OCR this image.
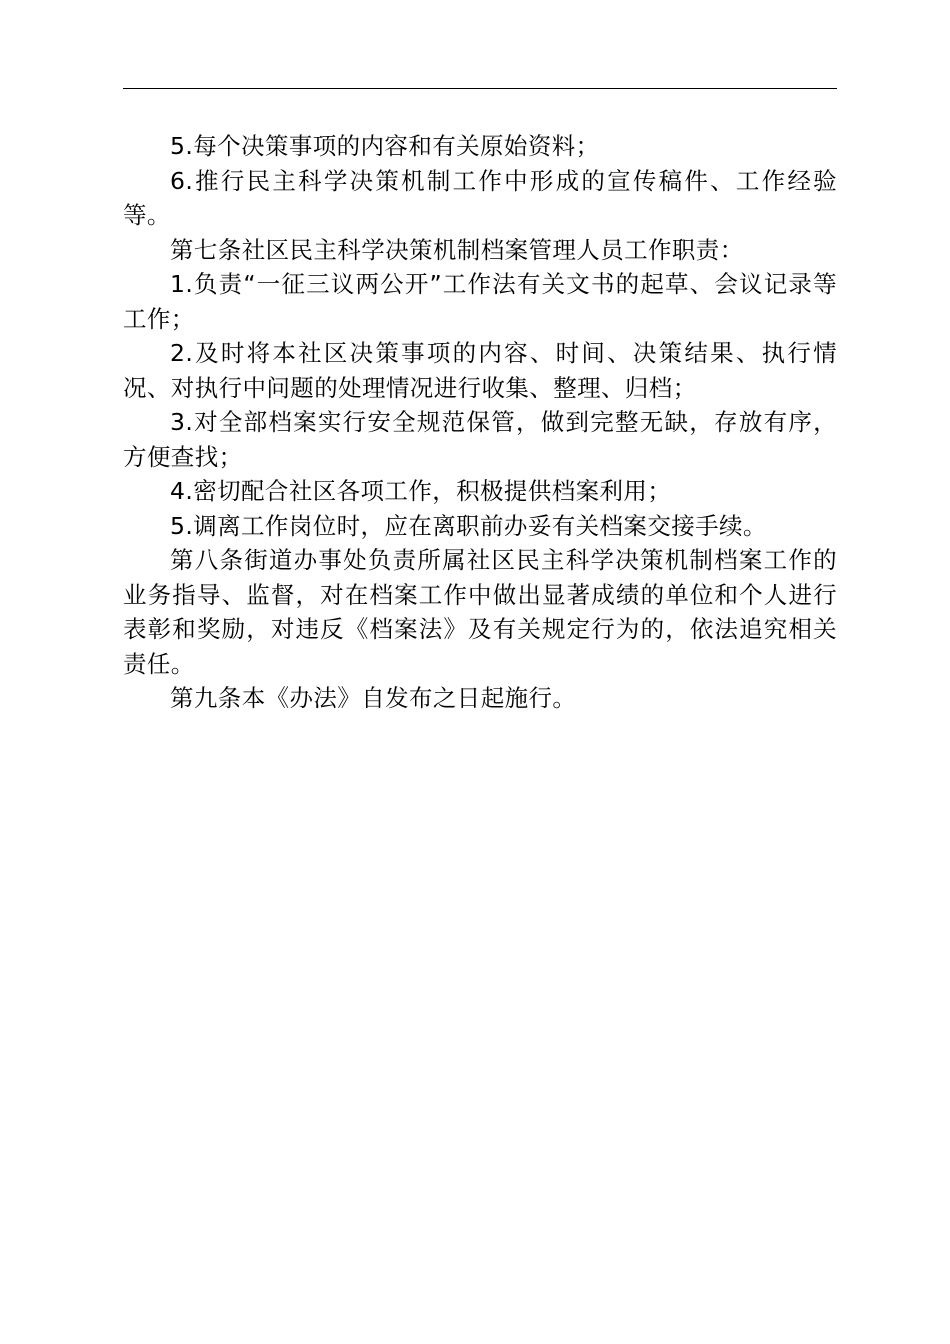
5.每个决策事项的内容和有关原始资料；

6.推行民主科学决策机制工作中形成的宣传稿件、工作经验等。

第七条社区民主科学决策机制档案管理人员工作职责：

1.负责“一征三议两公开”工作法有关文书的起草、会议记录等工作；

2.及时将本社区决策事项的内容、时间、决策结果、执行情况、对执行中问题的处理情况进行收集、整理、归档；

3.对全部档案实行安全规范保管，做到完整无缺，存放有序，方便查找；

4.密切配合社区各项工作，积极提供档案利用；

5.调离工作岗位时，应在离职前办妥有关档案交接手续。

第八条街道办事处负责所属社区民主科学决策机制档案工作的业务指导、监督，对在档案工作中做出显著成绩的单位和个人进行表彰和奖励，对违反《档案法》及有关规定行为的，依法追究相关责任。

第九条本《办法》自发布之日起施行。
